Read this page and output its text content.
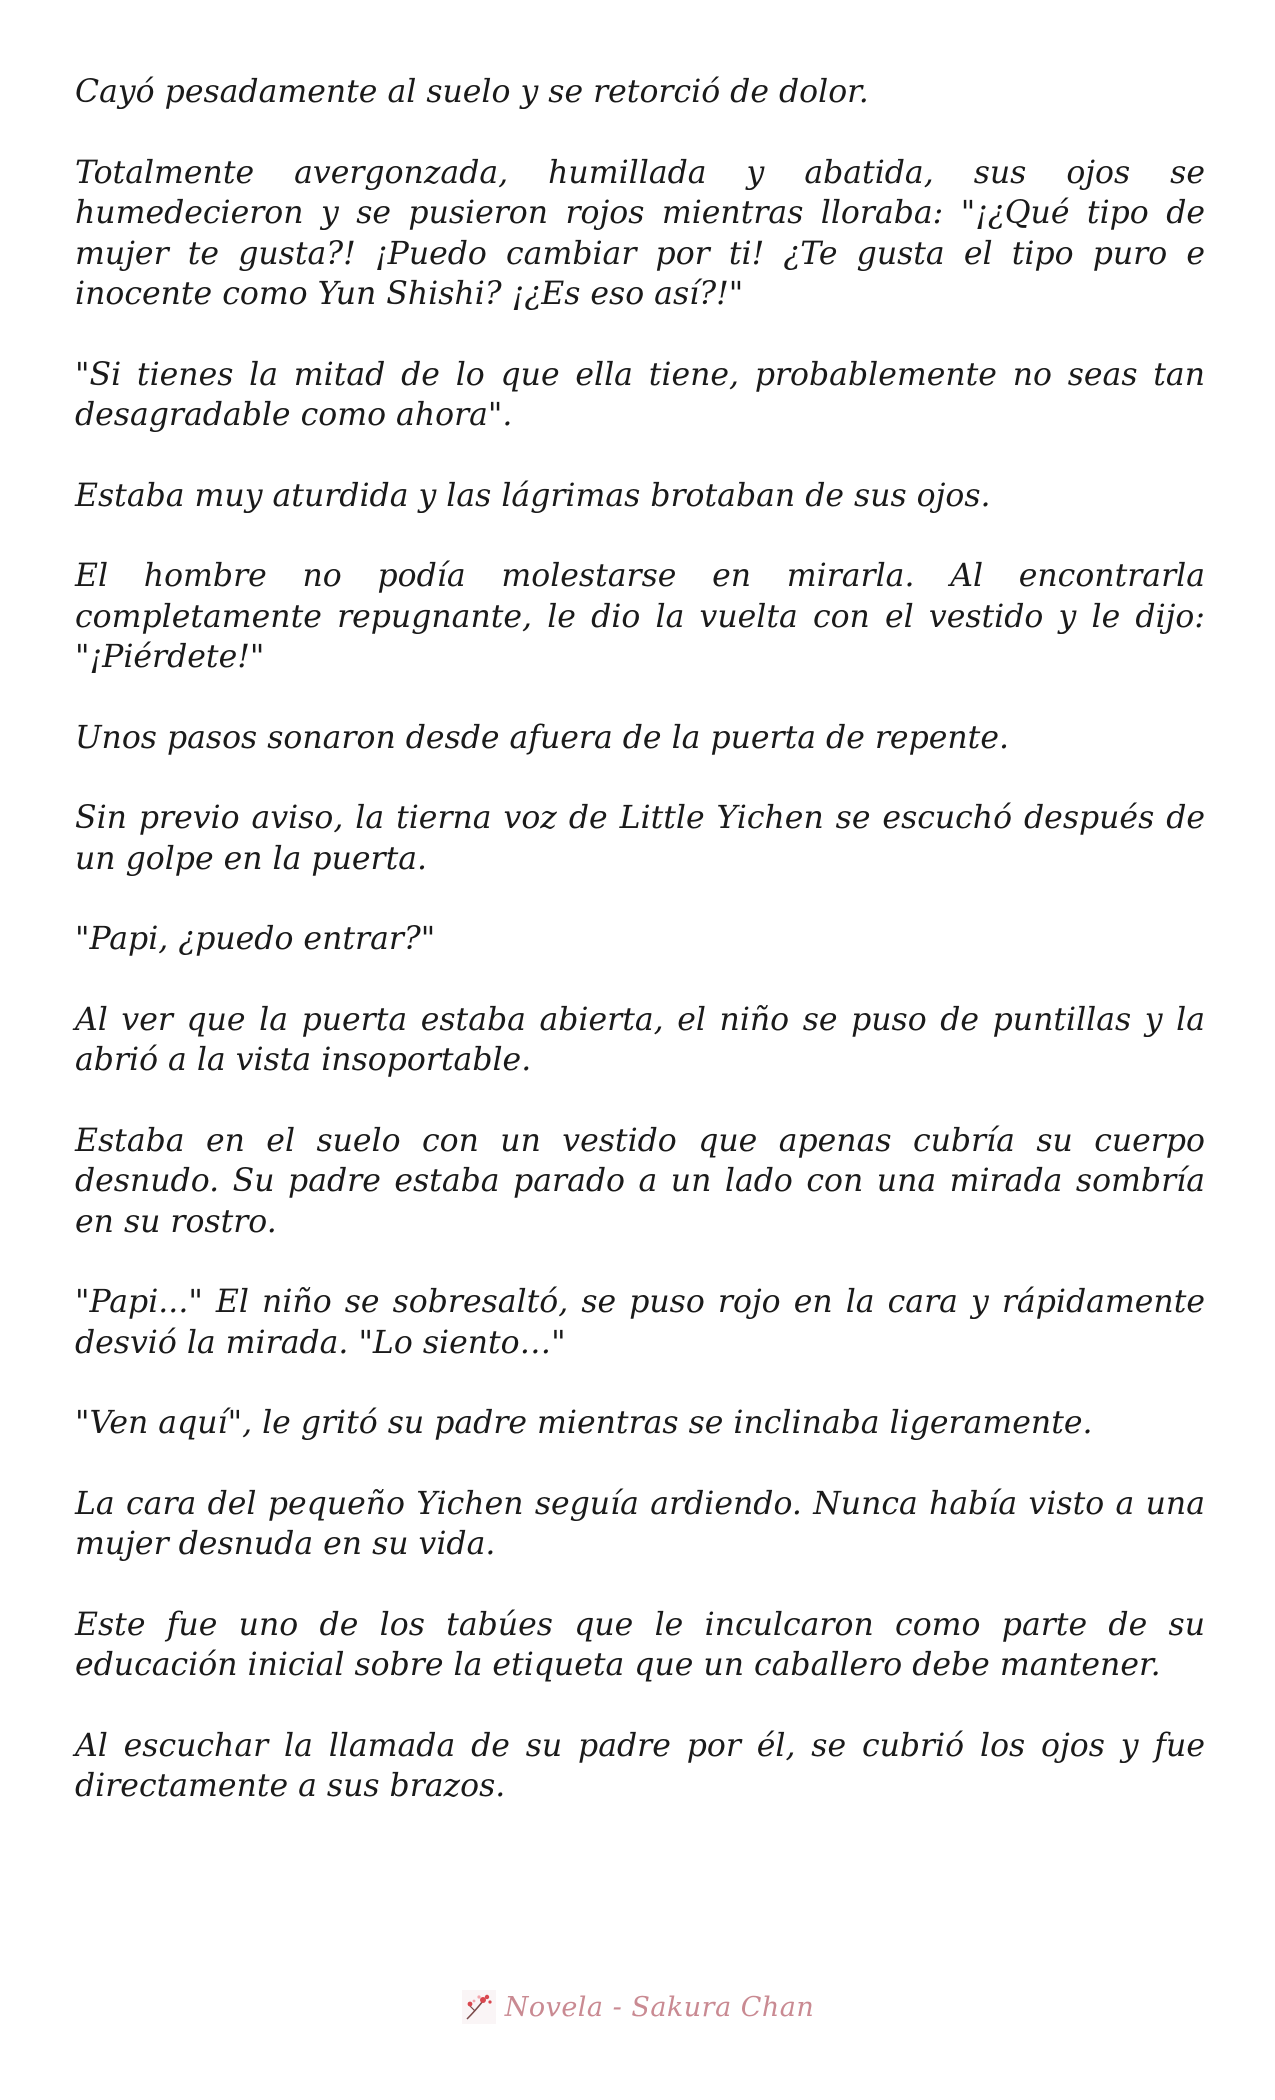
Cayó pesadamente al suelo y se retorció de dolor.

Totalmente avergonzada, humillada y abatida, sus ojos se humedecieron y se pusieron rojos mientras lloraba: "¡¿Qué tipo de mujer te gusta?! ¡Puedo cambiar por ti! ¿Te gusta el tipo puro e inocente como Yun Shishi? ¡¿Es eso así?!"

"Si tienes la mitad de lo que ella tiene, probablemente no seas tan desagradable como ahora".

Estaba muy aturdida y las lágrimas brotaban de sus ojos.

El hombre no podía molestarse en mirarla. Al encontrarla completamente repugnante, le dio la vuelta con el vestido y le dijo: "¡Piérdete!"

Unos pasos sonaron desde afuera de la puerta de repente.

Sin previo aviso, la tierna voz de Little Yichen se escuchó después de un golpe en la puerta.

"Papi, ¿puedo entrar?"

Al ver que la puerta estaba abierta, el niño se puso de puntillas y la abrió a la vista insoportable.

Estaba en el suelo con un vestido que apenas cubría su cuerpo desnudo. Su padre estaba parado a un lado con una mirada sombría en su rostro.

"Papi..." El niño se sobresaltó, se puso rojo en la cara y rápidamente desvió la mirada. "Lo siento…"

"Ven aquí", le gritó su padre mientras se inclinaba ligeramente.

La cara del pequeño Yichen seguía ardiendo. Nunca había visto a una mujer desnuda en su vida.

Este fue uno de los tabúes que le inculcaron como parte de su educación inicial sobre la etiqueta que un caballero debe mantener.

Al escuchar la llamada de su padre por él, se cubrió los ojos y fue directamente a sus brazos.

Novela - Sakura Chan
